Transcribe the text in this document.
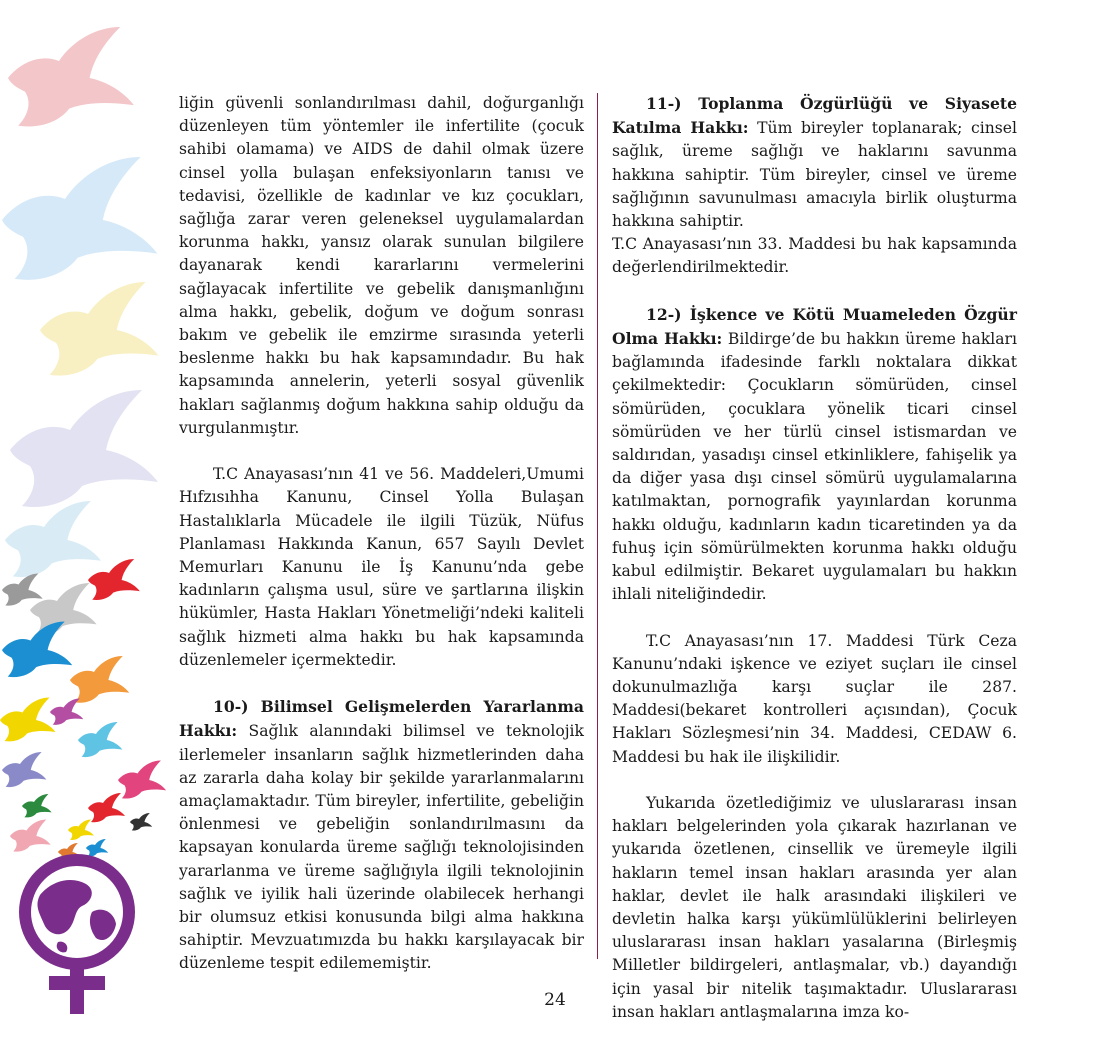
liğin güvenli sonlandırılması dahil, doğurganlığı düzenleyen tüm yöntemler ile infertilite (çocuk sahibi olamama) ve AIDS de dahil olmak üzere cinsel yolla bulaşan enfeksiyonların tanısı ve tedavisi, özellikle de kadınlar ve kız çocukları, sağlığa zarar veren geleneksel uygulamalardan korunma hakkı, yansız olarak sunulan bilgilere dayanarak kendi kararlarını vermelerini sağlayacak infertilite ve gebelik danışmanlığını alma hakkı, gebelik, doğum ve doğum sonrası bakım ve gebelik ile emzirme sırasında yeterli beslenme hakkı bu hak kapsamındadır. Bu hak kapsamında annelerin, yeterli sosyal güvenlik hakları sağlanmış doğum hakkına sahip olduğu da vurgulanmıştır.

T.C Anayasası’nın 41 ve 56. Maddeleri,Umumi Hıfzısıhha Kanunu, Cinsel Yolla Bulaşan Hastalıklarla Mücadele ile ilgili Tüzük, Nüfus Planlaması Hakkında Kanun, 657 Sayılı Devlet Memurları Kanunu ile İş Kanunu’nda gebe kadınların çalışma usul, süre ve şartlarına ilişkin hükümler, Hasta Hakları Yönetmeliği’ndeki kaliteli sağlık hizmeti alma hakkı bu hak kapsamında düzenlemeler içermektedir.

10-) Bilimsel Gelişmelerden Yararlanma Hakkı: Sağlık alanındaki bilimsel ve teknolojik ilerlemeler insanların sağlık hizmetlerinden daha az zararla daha kolay bir şekilde yararlanmalarını amaçlamaktadır. Tüm bireyler, infertilite, gebeliğin önlenmesi ve gebeliğin sonlandırılmasını da kapsayan konularda üreme sağlığı teknolojisinden yararlanma ve üreme sağlığıyla ilgili teknolojinin sağlık ve iyilik hali üzerinde olabilecek herhangi bir olumsuz etkisi konusunda bilgi alma hakkına sahiptir. Mevzuatımızda bu hakkı karşılayacak bir düzenleme tespit edilememiştir.

11-) Toplanma Özgürlüğü ve Siyasete Katılma Hakkı: Tüm bireyler toplanarak; cinsel sağlık, üreme sağlığı ve haklarını savunma hakkına sahiptir. Tüm bireyler, cinsel ve üreme sağlığının savunulması amacıyla birlik oluşturma hakkına sahiptir.

T.C Anayasası’nın 33. Maddesi bu hak kapsamında değerlendirilmektedir.

12-) İşkence ve Kötü Muameleden Özgür Olma Hakkı: Bildirge’de bu hakkın üreme hakları bağlamında ifadesinde farklı noktalara dikkat çekilmektedir: Çocukların sömürüden, cinsel sömürüden, çocuklara yönelik ticari cinsel sömürüden ve her türlü cinsel istismardan ve saldırıdan, yasadışı cinsel etkinliklere, fahişelik ya da diğer yasa dışı cinsel sömürü uygulamalarına katılmaktan, pornografik yayınlardan korunma hakkı olduğu, kadınların kadın ticaretinden ya da fuhuş için sömürülmekten korunma hakkı olduğu kabul edilmiştir. Bekaret uygulamaları bu hakkın ihlali niteliğindedir.

T.C Anayasası’nın 17. Maddesi Türk Ceza Kanunu’ndaki işkence ve eziyet suçları ile cinsel dokunulmazlığa karşı suçlar ile 287. Maddesi(bekaret kontrolleri açısından), Çocuk Hakları Sözleşmesi’nin 34. Maddesi, CEDAW 6. Maddesi bu hak ile ilişkilidir.

Yukarıda özetlediğimiz ve uluslararası insan hakları belgelerinden yola çıkarak hazırlanan ve yukarıda özetlenen, cinsellik ve üremeyle ilgili hakların temel insan hakları arasında yer alan haklar, devlet ile halk arasındaki ilişkileri ve devletin halka karşı yükümlülüklerini belirleyen uluslararası insan hakları yasalarına (Birleşmiş Milletler bildirgeleri, antlaşmalar, vb.) dayandığı için yasal bir nitelik taşımaktadır. Uluslararası insan hakları antlaşmalarına imza ko-

24
